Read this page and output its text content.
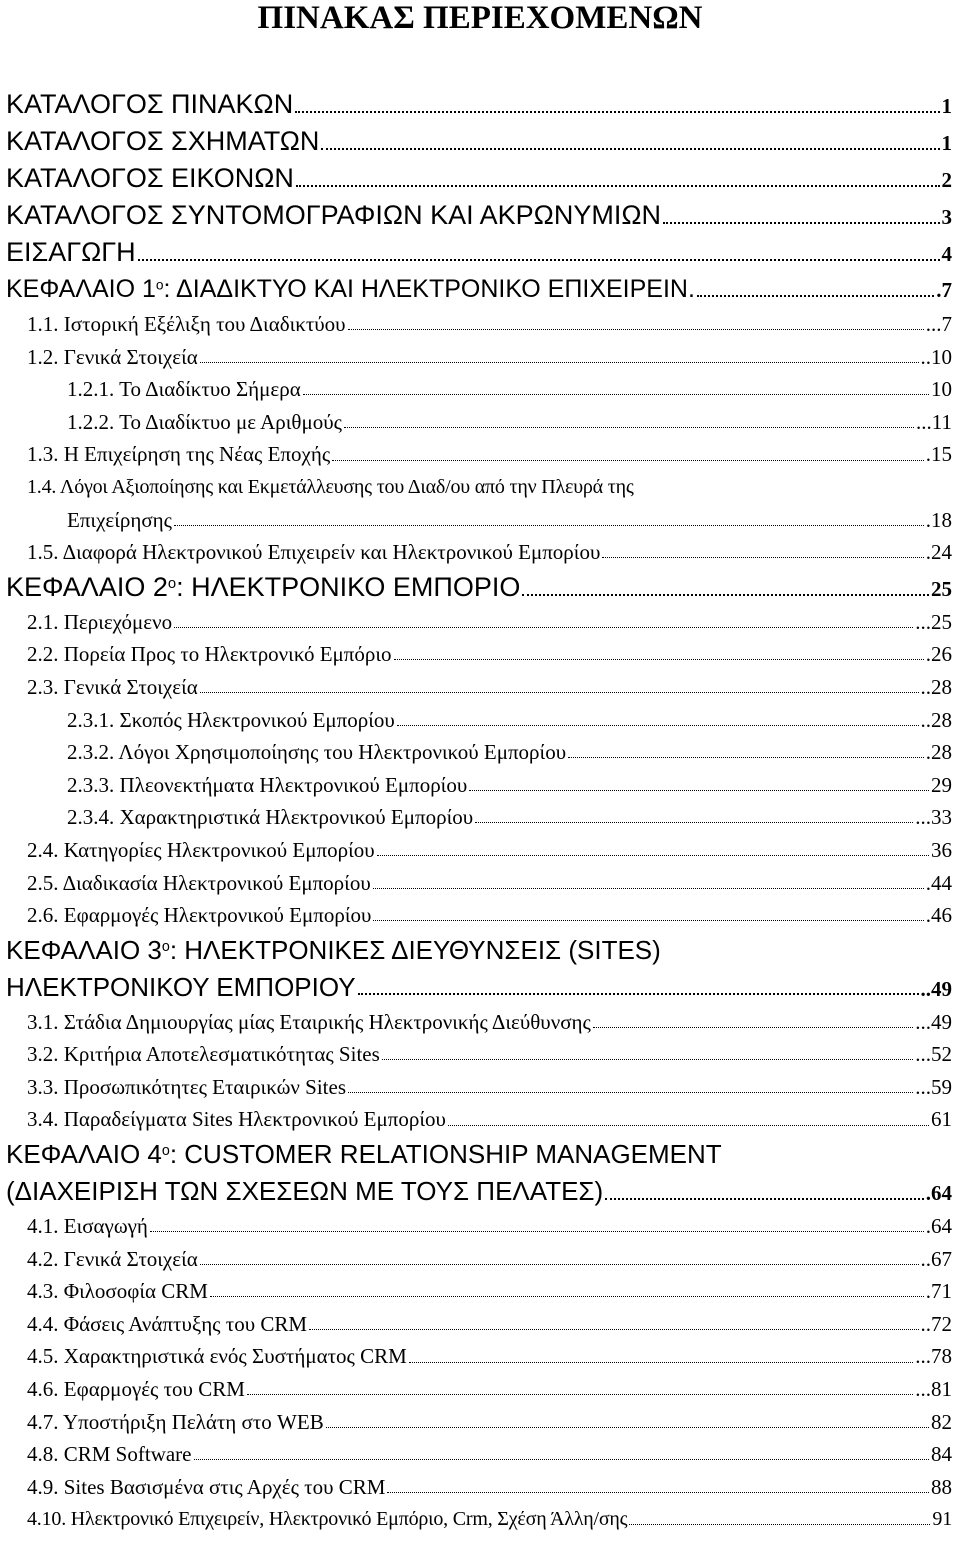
ΠΙΝΑΚΑΣ ΠΕΡΙΕΧΟΜΕΝΩΝ
ΚΑΤΑΛΟΓΟΣ ΠΙΝΑΚΩΝ	1
ΚΑΤΑΛΟΓΟΣ ΣΧΗΜΑΤΩΝ	1
ΚΑΤΑΛΟΓΟΣ ΕΙΚΟΝΩΝ	2
ΚΑΤΑΛΟΓΟΣ ΣΥΝΤΟΜΟΓΡΑΦΙΩΝ ΚΑΙ ΑΚΡΩΝΥΜΙΩΝ	3
ΕΙΣΑΓΩΓΗ	4
ΚΕΦΑΛΑΙΟ $1^o$: ΔΙΑΔΙΚΤΥΟ ΚΑΙ ΗΛΕΚΤΡΟΝΙΚΟ ΕΠΙΧΕΙΡΕΙΝ.	.7
1.1. Ιστορική Εξέλιξη του Διαδικτύου	...7
1.2. Γενικά Στοιχεία	..10
1.2.1. Το Διαδίκτυο Σήμερα	10
1.2.2. Το Διαδίκτυο με Αριθμούς	...11
1.3. Η Επιχείρηση της Νέας Εποχής	.15
1.4. Λόγοι Αξιοποίησης και Εκμετάλλευσης του Διαδ/ου από την Πλευρά της
Επιχείρησης	.18
1.5. Διαφορά Ηλεκτρονικού Επιχειρείν και Ηλεκτρονικού Εμπορίου	.24
ΚΕΦΑΛΑΙΟ $2^o$: ΗΛΕΚΤΡΟΝΙΚΟ ΕΜΠΟΡΙΟ	25
2.1. Περιεχόμενο	...25
2.2. Πορεία Προς το Ηλεκτρονικό Εμπόριο	.26
2.3. Γενικά Στοιχεία	..28
2.3.1. Σκοπός Ηλεκτρονικού Εμπορίου	..28
2.3.2. Λόγοι Χρησιμοποίησης του Ηλεκτρονικού Εμπορίου	.28
2.3.3. Πλεονεκτήματα Ηλεκτρονικού Εμπορίου	29
2.3.4. Χαρακτηριστικά Ηλεκτρονικού Εμπορίου	...33
2.4. Κατηγορίες Ηλεκτρονικού Εμπορίου	36
2.5. Διαδικασία Ηλεκτρονικού Εμπορίου	.44
2.6. Εφαρμογές Ηλεκτρονικού Εμπορίου	.46
ΚΕΦΑΛΑΙΟ $3^o$: ΗΛΕΚΤΡΟΝΙΚΕΣ ΔΙΕΥΘΥΝΣΕΙΣ (SITES)
ΗΛΕΚΤΡΟΝΙΚΟΥ ΕΜΠΟΡΙΟΥ	..49
3.1. Στάδια Δημιουργίας μίας Εταιρικής Ηλεκτρονικής Διεύθυνσης	...49
3.2. Κριτήρια Αποτελεσματικότητας Sites	...52
3.3. Προσωπικότητες Εταιρικών Sites	...59
3.4. Παραδείγματα Sites Ηλεκτρονικού Εμπορίου	61
ΚΕΦΑΛΑΙΟ $4^o$: CUSTOMER RELATIONSHIP MANAGEMENT
(ΔΙΑΧΕΙΡΙΣΗ ΤΩΝ ΣΧΕΣΕΩΝ ΜΕ ΤΟΥΣ ΠΕΛΑΤΕΣ)	.64
4.1. Εισαγωγή	.64
4.2. Γενικά Στοιχεία	..67
4.3. Φιλοσοφία CRM	.71
4.4. Φάσεις Ανάπτυξης του CRM	..72
4.5. Χαρακτηριστικά ενός Συστήματος CRM	...78
4.6. Εφαρμογές του CRM	...81
4.7. Υποστήριξη Πελάτη στο WEB	82
4.8. CRM Software	84
4.9. Sites Βασισμένα στις Αρχές του CRM	88
4.10. Ηλεκτρονικό Επιχειρείν, Ηλεκτρονικό Εμπόριο, Crm, Σχέση Άλλη/σης	91
